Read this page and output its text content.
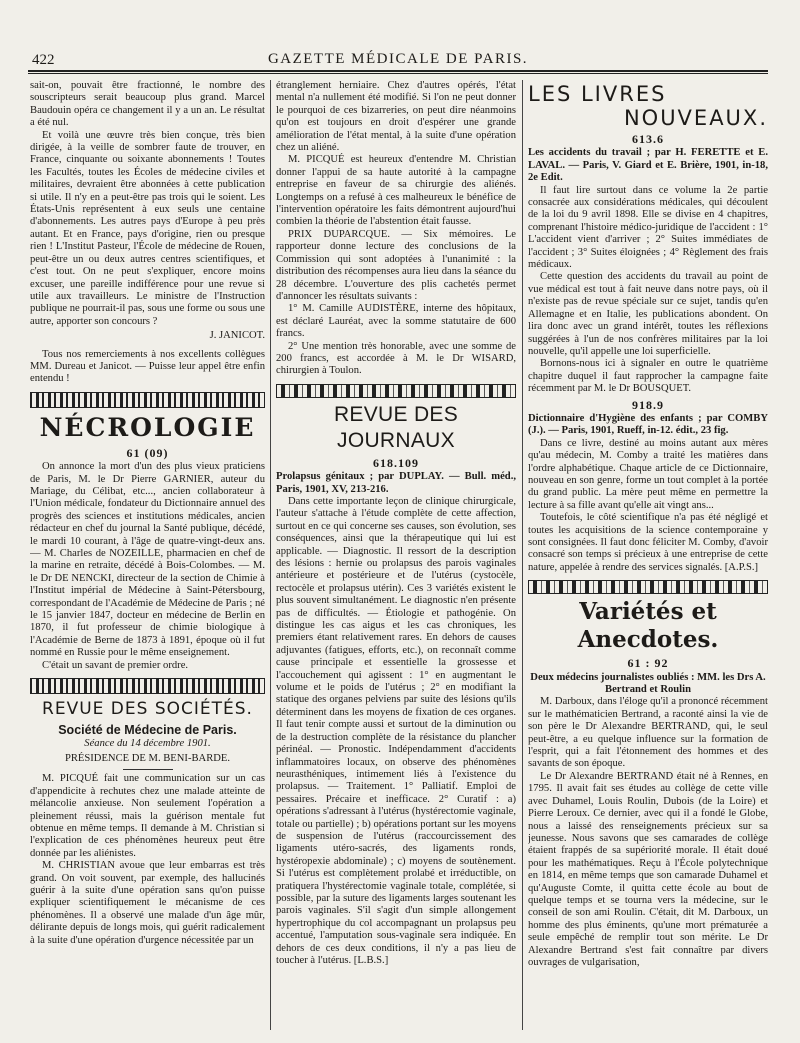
422	GAZETTE MÉDICALE DE PARIS.

sait-on, pouvait être fractionné, le nombre des souscripteurs serait beaucoup plus grand. Marcel Baudouin opéra ce changement il y a un an. Le résultat a été nul.

Et voilà une œuvre très bien conçue, très bien dirigée, à la veille de sombrer faute de trouver, en France, cinquante ou soixante abonnements ! Toutes les Facultés, toutes les Écoles de médecine civiles et militaires, devraient être abonnées à cette publication si utile. Il n'y en a peut-être pas trois qui le soient. Les États-Unis représentent à eux seuls une centaine d'abonnements. Les autres pays d'Europe à peu près autant. Et en France, pays d'origine, rien ou presque rien ! L'Institut Pasteur, l'École de médecine de Rouen, peut-être un ou deux autres centres scientifiques, et c'est tout. On ne peut s'expliquer, encore moins excuser, une pareille indifférence pour une revue si utile aux travailleurs. Le ministre de l'Instruction publique ne pourrait-il pas, sous une forme ou sous une autre, apporter son concours ?

J. JANICOT.

Tous nos remerciements à nos excellents collègues MM. Dureau et Janicot. — Puisse leur appel être enfin entendu !

NÉCROLOGIE
61 (09)

On annonce la mort d'un des plus vieux praticiens de Paris, M. le Dr Pierre GARNIER, auteur du Mariage, du Célibat, etc..., ancien collaborateur à l'Union médicale, fondateur du Dictionnaire annuel des progrès des sciences et institutions médicales, ancien rédacteur en chef du journal la Santé publique, décédé, le mardi 10 courant, à l'âge de quatre-vingt-deux ans. — M. Charles de NOZEILLE, pharmacien en chef de la marine en retraite, décédé à Bois-Colombes. — M. le Dr DE NENCKI, directeur de la section de Chimie à l'Institut impérial de Médecine à Saint-Pétersbourg, correspondant de l'Académie de Médecine de Paris ; né le 15 janvier 1847, docteur en médecine de Berlin en 1870, il fut professeur de chimie biologique à l'Académie de Berne de 1873 à 1891, époque où il fut nommé en Russie pour le même enseignement.

C'était un savant de premier ordre.

REVUE DES SOCIÉTÉS.
Société de Médecine de Paris.
Séance du 14 décembre 1901.
PRÉSIDENCE DE M. BENI-BARDE.

M. PICQUÉ fait une communication sur un cas d'appendicite à rechutes chez une malade atteinte de mélancolie anxieuse. Non seulement l'opération a pleinement réussi, mais la guérison mentale fut obtenue en même temps. Il demande à M. Christian si l'explication de ces phénomènes heureux peut être donnée par les aliénistes.

M. CHRISTIAN avoue que leur embarras est très grand. On voit souvent, par exemple, des hallucinés guérir à la suite d'une opération sans qu'on puisse expliquer scientifiquement le mécanisme de ces phénomènes. Il a observé une malade d'un âge mûr, délirante depuis de longs mois, qui guérit radicalement à la suite d'une opération d'urgence nécessitée par un

étranglement herniaire. Chez d'autres opérés, l'état mental n'a nullement été modifié. Si l'on ne peut donner le pourquoi de ces bizarreries, on peut dire néanmoins qu'on est toujours en droit d'espérer une grande amélioration de l'état mental, à la suite d'une opération chez un aliéné.

M. PICQUÉ est heureux d'entendre M. Christian donner l'appui de sa haute autorité à la campagne entreprise en faveur de sa chirurgie des aliénés. Longtemps on a refusé à ces malheureux le bénéfice de l'intervention opératoire les faits démontrent aujourd'hui combien la théorie de l'abstention était fausse.

PRIX DUPARCQUE. — Six mémoires. Le rapporteur donne lecture des conclusions de la Commission qui sont adoptées à l'unanimité : la distribution des récompenses aura lieu dans la séance du 28 décembre. L'ouverture des plis cachetés permet d'annoncer les résultats suivants :

1° M. Camille AUDISTÈRE, interne des hôpitaux, est déclaré Lauréat, avec la somme statutaire de 600 francs.

2° Une mention très honorable, avec une somme de 200 francs, est accordée à M. le Dr WISARD, chirurgien à Toulon.

REVUE DES JOURNAUX
618.109

Prolapsus génitaux ; par DUPLAY. — Bull. méd., Paris, 1901, XV, 213-216.

Dans cette importante leçon de clinique chirurgicale, l'auteur s'attache à l'étude complète de cette affection, surtout en ce qui concerne ses causes, son évolution, ses conséquences, ainsi que la thérapeutique qui lui est applicable. — Diagnostic. Il ressort de la description des lésions : hernie ou prolapsus des parois vaginales antérieure et postérieure et de l'utérus (cystocèle, rectocèle et prolapsus utérin). Ces 3 variétés existent le plus souvent simultanément. Le diagnostic n'en présente pas de difficultés. — Étiologie et pathogénie. On distingue les cas aigus et les cas chroniques, les premiers étant relativement rares. En dehors de causes adjuvantes (fatigues, efforts, etc.), on reconnaît comme cause principale et essentielle la grossesse et l'accouchement qui agissent : 1° en augmentant le volume et le poids de l'utérus ; 2° en modifiant la statique des organes pelviens par suite des lésions qu'ils déterminent dans les moyens de fixation de ces organes. Il faut tenir compte aussi et surtout de la diminution ou de la destruction complète de la résistance du plancher périnéal. — Pronostic. Indépendamment d'accidents inflammatoires locaux, on observe des phénomènes neurasthéniques, intimement liés à l'existence du prolapsus. — Traitement. 1° Palliatif. Emploi de pessaires. Précaire et inefficace. 2° Curatif : a) opérations s'adressant à l'utérus (hystérectomie vaginale, totale ou partielle) ; b) opérations portant sur les moyens de suspension de l'utérus (raccourcissement des ligaments utéro-sacrés, des ligaments ronds, hystéropexie abdominale) ; c) moyens de soutènement. Si l'utérus est complètement prolabé et irréductible, on pratiquera l'hystérectomie vaginale totale, complétée, si possible, par la suture des ligaments larges soutenant les parois vaginales. S'il s'agit d'un simple allongement hypertrophique du col accompagnant un prolapsus peu accentué, l'amputation sous-vaginale sera indiquée. En dehors de ces deux conditions, il n'y a pas lieu de toucher à l'utérus. [L.B.S.]

LES LIVRES
NOUVEAUX.
613.6

Les accidents du travail ; par H. FERETTE et E. LAVAL. — Paris, V. Giard et E. Brière, 1901, in-18, 2e Edit.

Il faut lire surtout dans ce volume la 2e partie consacrée aux considérations médicales, qui découlent de la loi du 9 avril 1898. Elle se divise en 4 chapitres, comprenant l'histoire médico-juridique de l'accident : 1° L'accident vient d'arriver ; 2° Suites immédiates de l'accident ; 3° Suites éloignées ; 4° Règlement des frais médicaux.

Cette question des accidents du travail au point de vue médical est tout à fait neuve dans notre pays, où il n'existe pas de revue spéciale sur ce sujet, tandis qu'en Allemagne et en Italie, les publications abondent. On lira donc avec un grand intérêt, toutes les réflexions suggérées à l'un de nos confrères militaires par la loi nouvelle, qu'il appelle une loi superficielle.

Bornons-nous ici à signaler en outre le quatrième chapitre duquel il faut rapprocher la campagne faite récemment par M. le Dr BOUSQUET.

918.9

Dictionnaire d'Hygiène des enfants ; par COMBY (J.). — Paris, 1901, Rueff, in-12. édit., 23 fig.

Dans ce livre, destiné au moins autant aux mères qu'au médecin, M. Comby a traité les matières dans l'ordre alphabétique. Chaque article de ce Dictionnaire, nouveau en son genre, forme un tout complet à la portée du grand public. La mère peut même en permettre la lecture à sa fille avant qu'elle ait vingt ans...

Toutefois, le côté scientifique n'a pas été négligé et toutes les acquisitions de la science contemporaine y sont consignées. Il faut donc féliciter M. Comby, d'avoir consacré son temps si précieux à une entreprise de cette nature, appelée à rendre des services signalés. [A.P.S.]

Variétés et Anecdotes.
61 : 92

Deux médecins journalistes oubliés : MM. les Drs A. Bertrand et Roulin

M. Darboux, dans l'éloge qu'il a prononcé récemment sur le mathématicien Bertrand, a raconté ainsi la vie de son père le Dr Alexandre BERTRAND, qui, le seul peut-être, a eu quelque influence sur la formation de l'esprit, qui a fait l'étonnement des hommes et des savants de son époque.

Le Dr Alexandre BERTRAND était né à Rennes, en 1795. Il avait fait ses études au collège de cette ville avec Duhamel, Louis Roulin, Dubois (de la Loire) et Pierre Leroux. Ce dernier, avec qui il a fondé le Globe, nous a laissé des renseignements précieux sur sa jeunesse. Nous savons que ses camarades de collège étaient frappés de sa supériorité morale. Il était doué pour les mathématiques. Reçu à l'École polytechnique en 1814, en même temps que son camarade Duhamel et qu'Auguste Comte, il quitta cette école au bout de quelque temps et se tourna vers la médecine, sur le conseil de son ami Roulin. C'était, dit M. Darboux, un homme des plus éminents, qu'une mort prématurée a seule empêché de remplir tout son mérite. Le Dr Alexandre Bertrand s'est fait connaître par divers ouvrages de vulgarisation,
